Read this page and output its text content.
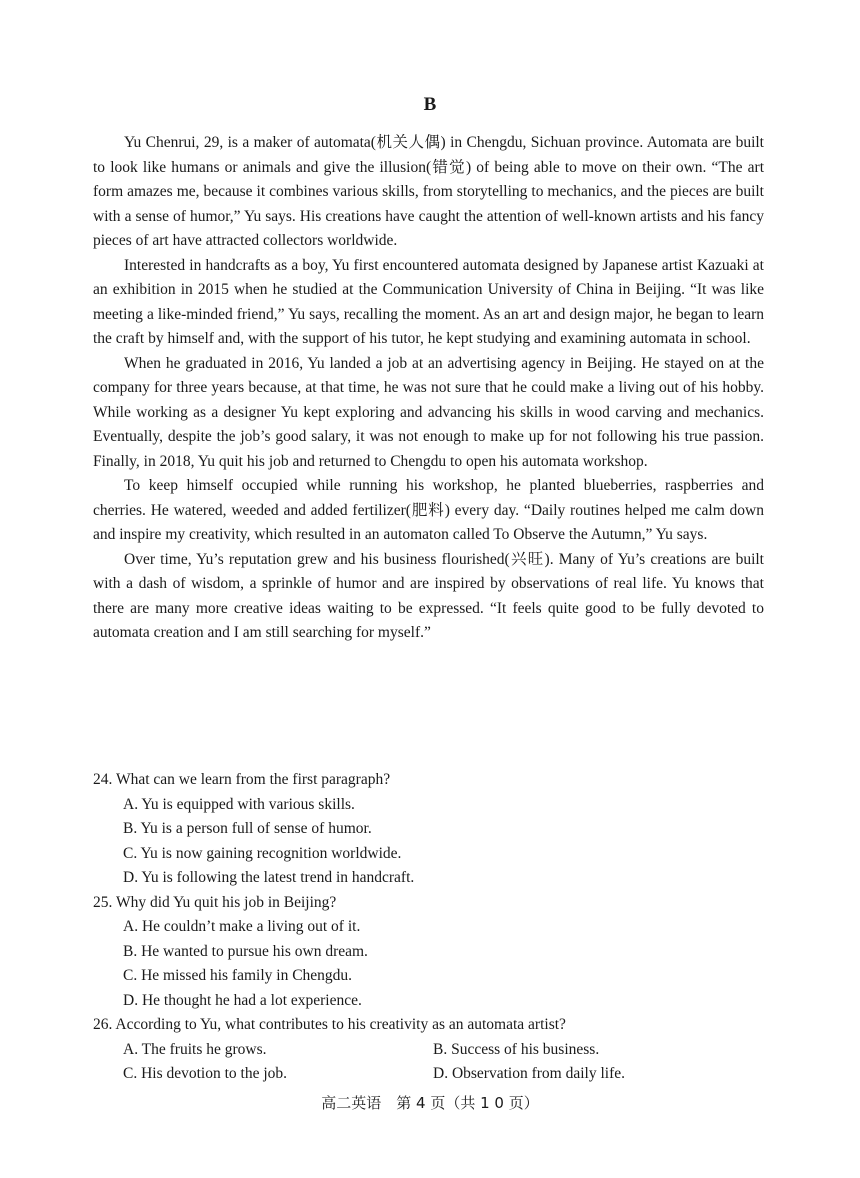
B

Yu Chenrui, 29, is a maker of automata(机关人偶) in Chengdu, Sichuan province. Automata are built to look like humans or animals and give the illusion(错觉) of being able to move on their own. “The art form amazes me, because it combines various skills, from storytelling to mechanics, and the pieces are built with a sense of humor,” Yu says. His creations have caught the attention of well-known artists and his fancy pieces of art have attracted collectors worldwide.

Interested in handcrafts as a boy, Yu first encountered automata designed by Japanese artist Kazuaki at an exhibition in 2015 when he studied at the Communication University of China in Beijing. “It was like meeting a like-minded friend,” Yu says, recalling the moment. As an art and design major, he began to learn the craft by himself and, with the support of his tutor, he kept studying and examining automata in school.

When he graduated in 2016, Yu landed a job at an advertising agency in Beijing. He stayed on at the company for three years because, at that time, he was not sure that he could make a living out of his hobby. While working as a designer Yu kept exploring and advancing his skills in wood carving and mechanics. Eventually, despite the job’s good salary, it was not enough to make up for not following his true passion. Finally, in 2018, Yu quit his job and returned to Chengdu to open his automata workshop.

To keep himself occupied while running his workshop, he planted blueberries, raspberries and cherries. He watered, weeded and added fertilizer(肥料) every day. “Daily routines helped me calm down and inspire my creativity, which resulted in an automaton called To Observe the Autumn,” Yu says.

Over time, Yu’s reputation grew and his business flourished(兴旺). Many of Yu’s creations are built with a dash of wisdom, a sprinkle of humor and are inspired by observations of real life. Yu knows that there are many more creative ideas waiting to be expressed. “It feels quite good to be fully devoted to automata creation and I am still searching for myself.”

24. What can we learn from the first paragraph?

A. Yu is equipped with various skills.

B. Yu is a person full of sense of humor.

C. Yu is now gaining recognition worldwide.

D. Yu is following the latest trend in handcraft.

25. Why did Yu quit his job in Beijing?

A. He couldn’t make a living out of it.

B. He wanted to pursue his own dream.

C. He missed his family in Chengdu.

D. He thought he had a lot experience.

26. According to Yu, what contributes to his creativity as an automata artist?

A. The fruits he grows.	B. Success of his business.

C. His devotion to the job.	D. Observation from daily life.

高二英语　第 4 页（共 1 0 页）
